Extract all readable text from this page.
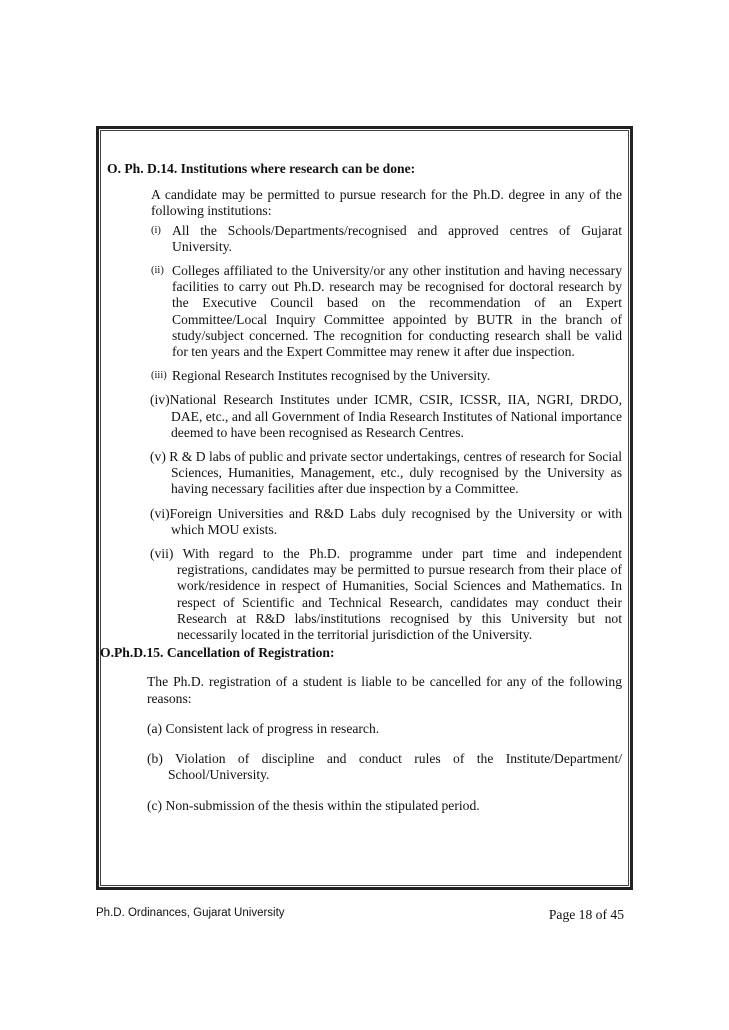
O. Ph. D.14. Institutions where research can be done:

A candidate may be permitted to pursue research for the Ph.D. degree in any of the following institutions:

(i) All the Schools/Departments/recognised and approved centres of Gujarat University.
(ii) Colleges affiliated to the University/or any other institution and having necessary facilities to carry out Ph.D. research may be recognised for doctoral research by the Executive Council based on the recommendation of an Expert Committee/Local Inquiry Committee appointed by BUTR in the branch of study/subject concerned. The recognition for conducting research shall be valid for ten years and the Expert Committee may renew it after due inspection.
(iii) Regional Research Institutes recognised by the University.

(iv)National Research Institutes under ICMR, CSIR, ICSSR, IIA, NGRI, DRDO, DAE, etc., and all Government of India Research Institutes of National importance deemed to have been recognised as Research Centres.

(v) R & D labs of public and private sector undertakings, centres of research for Social Sciences, Humanities, Management, etc., duly recognised by the University as having necessary facilities after due inspection by a Committee.

(vi)Foreign Universities and R&D Labs duly recognised by the University or with which MOU exists.

(vii) With regard to the Ph.D. programme under part time and independent registrations, candidates may be permitted to pursue research from their place of work/residence in respect of Humanities, Social Sciences and Mathematics. In respect of Scientific and Technical Research, candidates may conduct their Research at R&D labs/institutions recognised by this University but not necessarily located in the territorial jurisdiction of the University.

O.Ph.D.15. Cancellation of Registration:

The Ph.D. registration of a student is liable to be cancelled for any of the following reasons:

(a) Consistent lack of progress in research.

(b) Violation of discipline and conduct rules of the Institute/Department/ School/University.

(c) Non-submission of the thesis within the stipulated period.

Ph.D. Ordinances, Gujarat University	Page 18 of 45
